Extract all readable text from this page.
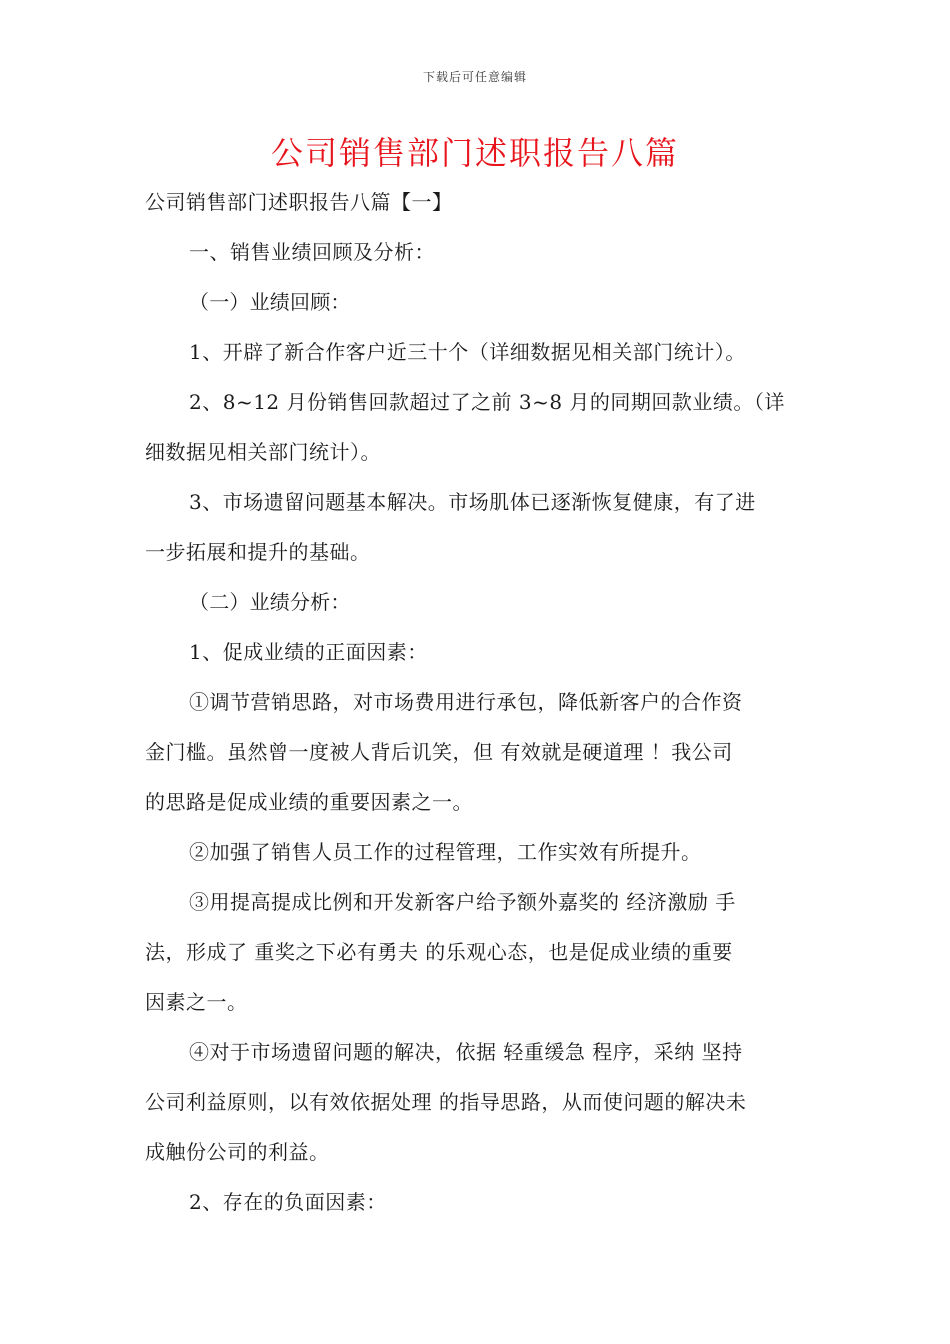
下载后可任意编辑
公司销售部门述职报告八篇
公司销售部门述职报告八篇【一】
一、销售业绩回顾及分析：
（一）业绩回顾：
1、开辟了新合作客户近三十个（详细数据见相关部门统计）。
2、8~12 月份销售回款超过了之前 3~8 月的同期回款业绩。（详
细数据见相关部门统计）。
3、市场遗留问题基本解决。市场肌体已逐渐恢复健康，有了进
一步拓展和提升的基础。
（二）业绩分析：
1、促成业绩的正面因素：
①调节营销思路，对市场费用进行承包，降低新客户的合作资
金门槛。虽然曾一度被人背后讥笑，但 有效就是硬道理 ！我公司
的思路是促成业绩的重要因素之一。
②加强了销售人员工作的过程管理，工作实效有所提升。
③用提高提成比例和开发新客户给予额外嘉奖的 经济激励 手
法，形成了 重奖之下必有勇夫 的乐观心态，也是促成业绩的重要
因素之一。
④对于市场遗留问题的解决，依据 轻重缓急 程序，采纳 坚持
公司利益原则，以有效依据处理 的指导思路，从而使问题的解决未
成触份公司的利益。
2、存在的负面因素：
